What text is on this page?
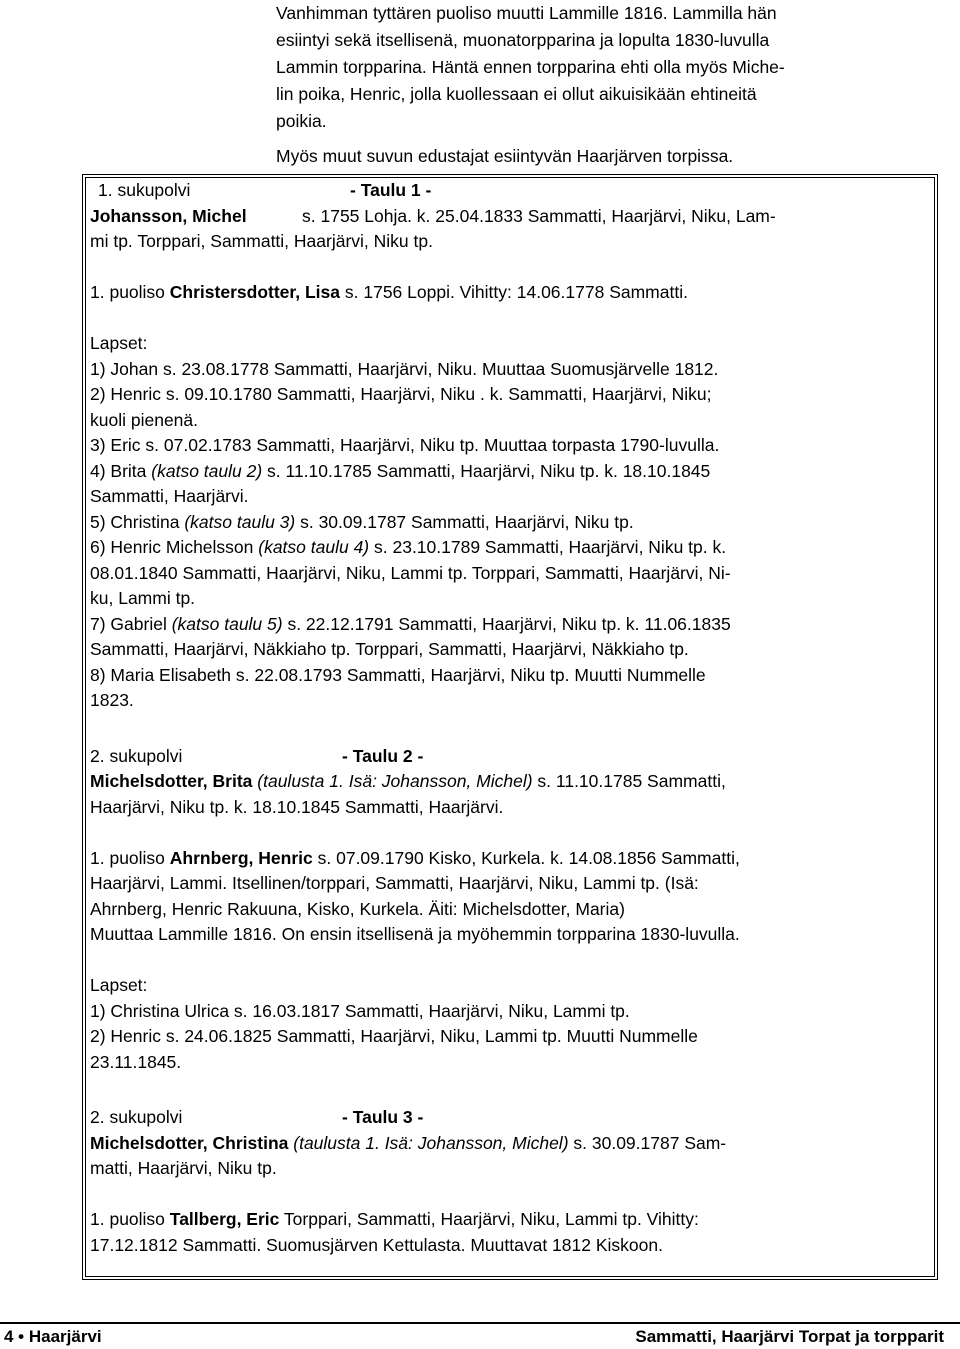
Vanhimman tyttären puoliso muutti Lammille 1816. Lammilla hän
esiintyi sekä itsellisenä, muonatorpparina ja lopulta 1830-luvulla
Lammin torpparina. Häntä ennen torpparina ehti olla myös Miche-
lin poika, Henric, jolla kuollessaan ei ollut aikuisikään ehtineitä
poikia.
Myös muut suvun edustajat esiintyvän Haarjärven torpissa.
1. sukupolvi	- Taulu 1 -
Johansson, Michel	s. 1755 Lohja. k. 25.04.1833 Sammatti, Haarjärvi, Niku, Lam-
mi tp. Torppari, Sammatti, Haarjärvi, Niku tp.
1. puoliso Christersdotter, Lisa s. 1756 Loppi. Vihitty: 14.06.1778 Sammatti.
Lapset:
1) Johan s. 23.08.1778 Sammatti, Haarjärvi, Niku. Muuttaa Suomusjärvelle 1812.
2) Henric s. 09.10.1780 Sammatti, Haarjärvi, Niku . k. Sammatti, Haarjärvi, Niku;
kuoli pienenä.
3) Eric s. 07.02.1783 Sammatti, Haarjärvi, Niku tp. Muuttaa torpasta 1790-luvulla.
4) Brita (katso taulu 2) s. 11.10.1785 Sammatti, Haarjärvi, Niku tp. k. 18.10.1845
Sammatti, Haarjärvi.
5) Christina (katso taulu 3) s. 30.09.1787 Sammatti, Haarjärvi, Niku tp.
6) Henric Michelsson (katso taulu 4) s. 23.10.1789 Sammatti, Haarjärvi, Niku tp. k.
08.01.1840 Sammatti, Haarjärvi, Niku, Lammi tp. Torppari, Sammatti, Haarjärvi, Ni-
ku, Lammi tp.
7) Gabriel (katso taulu 5) s. 22.12.1791 Sammatti, Haarjärvi, Niku tp. k. 11.06.1835
Sammatti, Haarjärvi, Näkkiaho tp. Torppari, Sammatti, Haarjärvi, Näkkiaho tp.
8) Maria Elisabeth s. 22.08.1793 Sammatti, Haarjärvi, Niku tp. Muutti Nummelle
1823.
2. sukupolvi	- Taulu 2 -
Michelsdotter, Brita (taulusta 1. Isä: Johansson, Michel) s. 11.10.1785 Sammatti,
Haarjärvi, Niku tp. k. 18.10.1845 Sammatti, Haarjärvi.
1. puoliso Ahrnberg, Henric s. 07.09.1790 Kisko, Kurkela. k. 14.08.1856 Sammatti,
Haarjärvi, Lammi. Itsellinen/torppari, Sammatti, Haarjärvi, Niku, Lammi tp. (Isä:
Ahrnberg, Henric Rakuuna, Kisko, Kurkela. Äiti: Michelsdotter, Maria)
Muuttaa Lammille 1816. On ensin itsellisenä ja myöhemmin torpparina 1830-luvulla.
Lapset:
1) Christina Ulrica s. 16.03.1817 Sammatti, Haarjärvi, Niku, Lammi tp.
2) Henric s. 24.06.1825 Sammatti, Haarjärvi, Niku, Lammi tp. Muutti Nummelle
23.11.1845.
2. sukupolvi	- Taulu 3 -
Michelsdotter, Christina (taulusta 1. Isä: Johansson, Michel) s. 30.09.1787 Sam-
matti, Haarjärvi, Niku tp.
1. puoliso Tallberg, Eric Torppari, Sammatti, Haarjärvi, Niku, Lammi tp. Vihitty:
17.12.1812 Sammatti. Suomusjärven Kettulasta. Muuttavat 1812 Kiskoon.
4 • Haarjärvi	Sammatti, Haarjärvi Torpat ja torpparit
